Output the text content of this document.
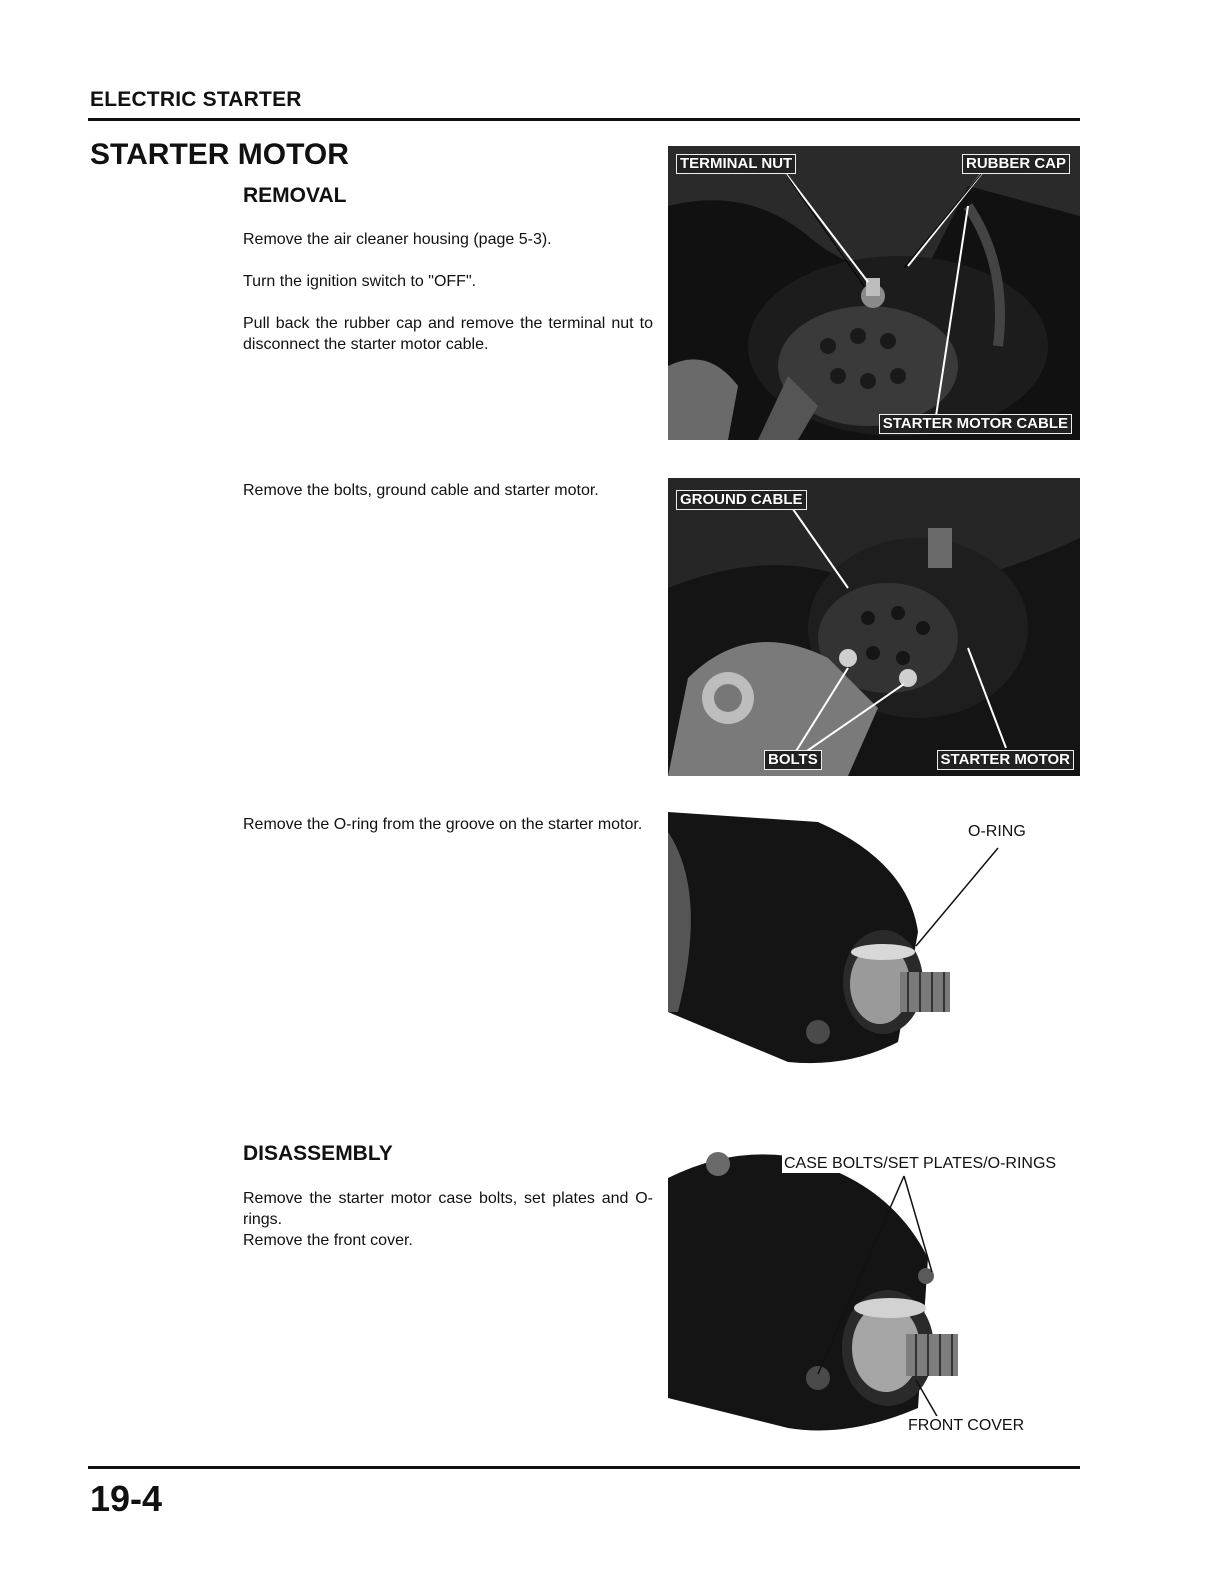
ELECTRIC STARTER
STARTER MOTOR
REMOVAL
Remove the air cleaner housing (page 5-3).
Turn the ignition switch to "OFF".
Pull back the rubber cap and remove the terminal nut to disconnect the starter motor cable.
Remove the bolts, ground cable and starter motor.
Remove the O-ring from the groove on the starter motor.
DISASSEMBLY
Remove the starter motor case bolts, set plates and O-rings.
Remove the front cover.
TERMINAL NUT	RUBBER CAP
STARTER MOTOR CABLE
GROUND CABLE
BOLTS	STARTER MOTOR
O-RING
CASE BOLTS/SET PLATES/O-RINGS
FRONT COVER
19-4
